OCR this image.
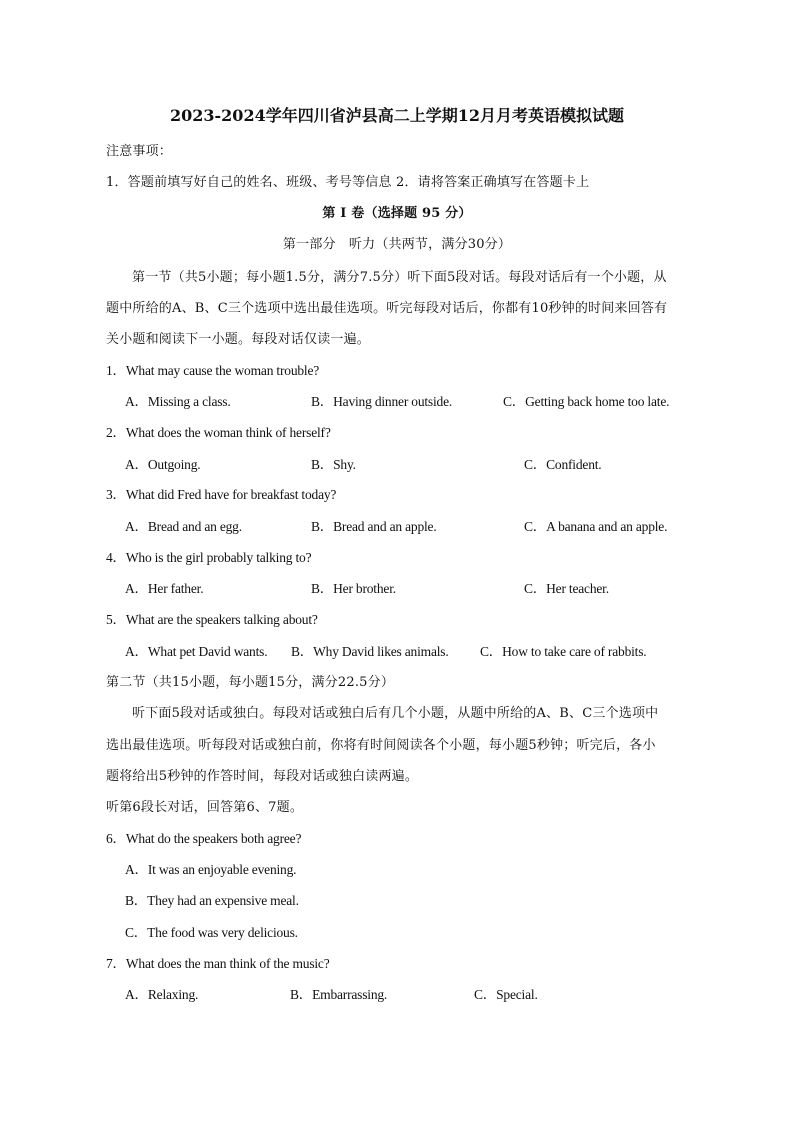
2023-2024学年四川省泸县高二上学期12月月考英语模拟试题
注意事项：
1．答题前填写好自己的姓名、班级、考号等信息 2．请将答案正确填写在答题卡上
第 I 卷（选择题 95 分）
第一部分　听力（共两节，满分30分）
第一节（共5小题；每小题1.5分，满分7.5分）听下面5段对话。每段对话后有一个小题，从
题中所给的A、B、C三个选项中选出最佳选项。听完每段对话后，你都有10秒钟的时间来回答有
关小题和阅读下一小题。每段对话仅读一遍。
1．What may cause the woman trouble?
A．Missing a class.	B．Having dinner outside.	C．Getting back home too late.
2．What does the woman think of herself?
A．Outgoing.	B．Shy.	C．Confident.
3．What did Fred have for breakfast today?
A．Bread and an egg.	B．Bread and an apple.	C．A banana and an apple.
4．Who is the girl probably talking to?
A．Her father.	B．Her brother.	C．Her teacher.
5．What are the speakers talking about?
A．What pet David wants. B．Why David likes animals. C．How to take care of rabbits.
第二节（共15小题，每小题15分，满分22.5分）
听下面5段对话或独白。每段对话或独白后有几个小题，从题中所给的A、B、C三个选项中
选出最佳选项。听每段对话或独白前，你将有时间阅读各个小题，每小题5秒钟；听完后，各小
题将给出5秒钟的作答时间，每段对话或独白读两遍。
听第6段长对话，回答第6、7题。
6．What do the speakers both agree?
A．It was an enjoyable evening.
B．They had an expensive meal.
C．The food was very delicious.
7．What does the man think of the music?
A．Relaxing.	B．Embarrassing.	C．Special.
